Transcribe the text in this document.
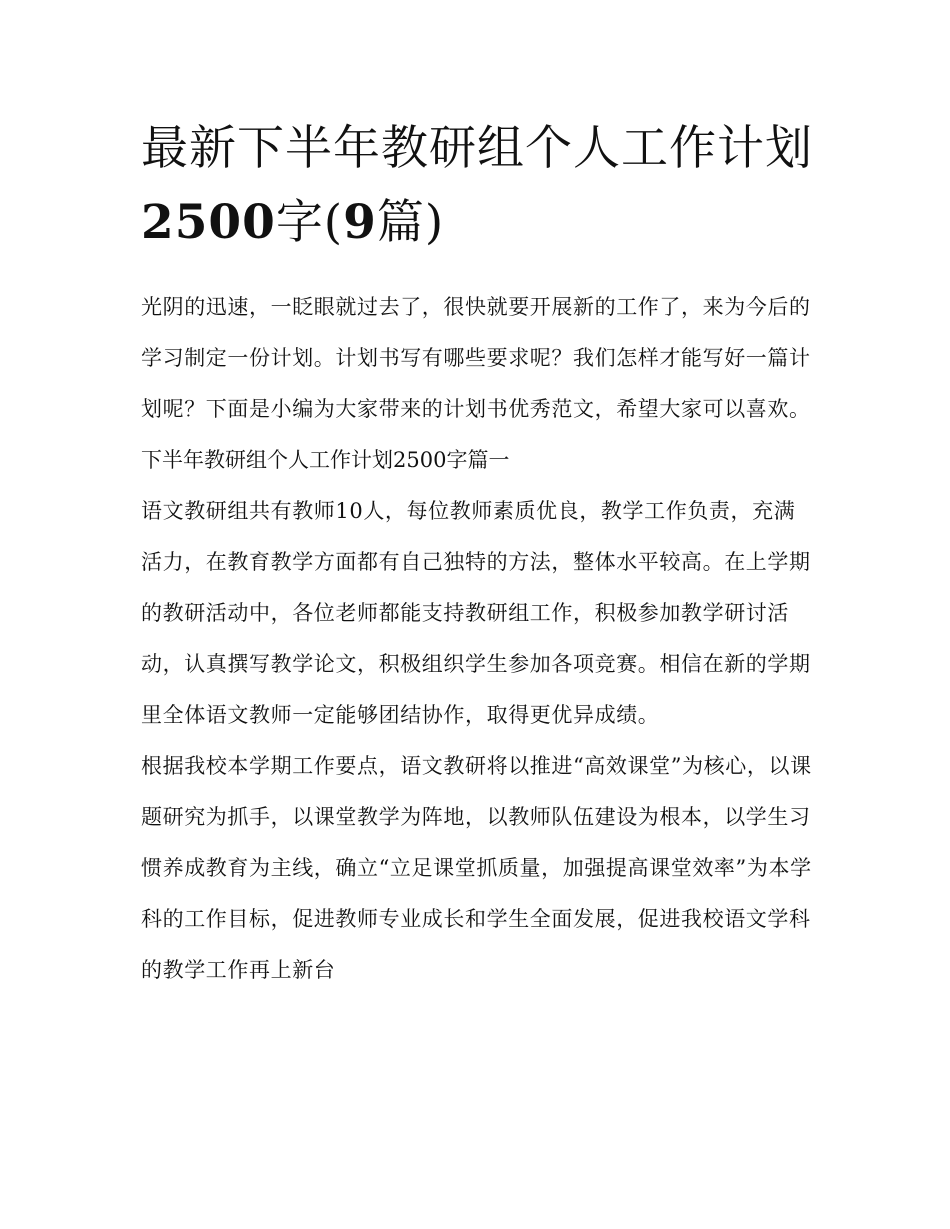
最新下半年教研组个人工作计划2500字(9篇)

光阴的迅速，一眨眼就过去了，很快就要开展新的工作了，来为今后的学习制定一份计划。计划书写有哪些要求呢？我们怎样才能写好一篇计划呢？下面是小编为大家带来的计划书优秀范文，希望大家可以喜欢。

下半年教研组个人工作计划2500字篇一

语文教研组共有教师10人，每位教师素质优良，教学工作负责，充满活力，在教育教学方面都有自己独特的方法，整体水平较高。在上学期的教研活动中，各位老师都能支持教研组工作，积极参加教学研讨活动，认真撰写教学论文，积极组织学生参加各项竞赛。相信在新的学期里全体语文教师一定能够团结协作，取得更优异成绩。

根据我校本学期工作要点，语文教研将以推进“高效课堂”为核心，以课题研究为抓手，以课堂教学为阵地，以教师队伍建设为根本，以学生习惯养成教育为主线，确立“立足课堂抓质量，加强提高课堂效率”为本学科的工作目标，促进教师专业成长和学生全面发展，促进我校语文学科的教学工作再上新台
